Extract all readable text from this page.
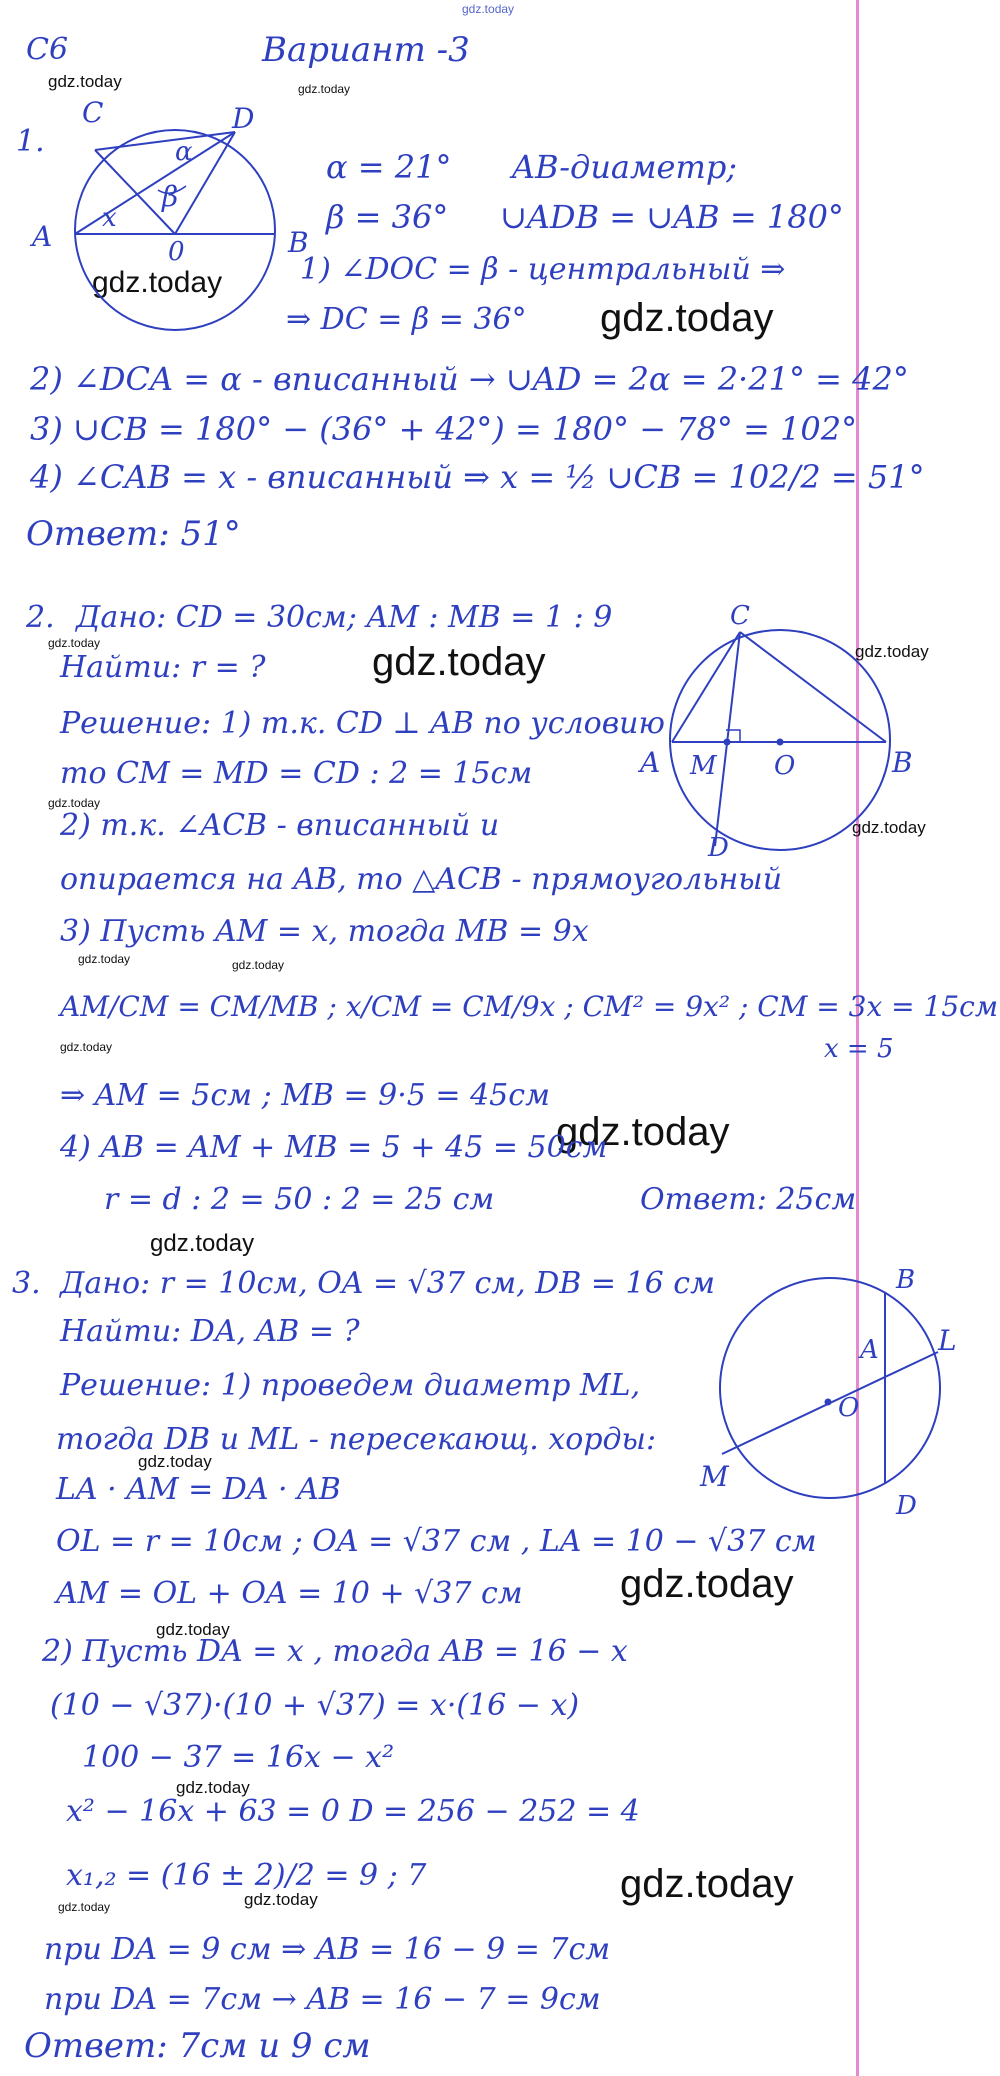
gdz.today
gdz.today	gdz.today
gdz.today
gdz.today
gdz.today	gdz.today	gdz.today
gdz.today
gdz.today
gdz.today	gdz.today
gdz.today
gdz.today
gdz.today
gdz.today
gdz.today
gdz.today
gdz.today
gdz.today
gdz.today	gdz.today
С6	Вариант -3
1.
C	D
A	B
0
α
β
x
α = 21° AB-диаметр;
β = 36° ∪ADB = ∪AB = 180°
1) ∠DOC = β - центральный ⇒
⇒ DC = β = 36°
2) ∠DCA = α - вписанный → ∪AD = 2α = 2·21° = 42°
3) ∪CB = 180° − (36° + 42°) = 180° − 78° = 102°
4) ∠CAB = x - вписанный ⇒ x = ½ ∪CB = 102/2 = 51°
Ответ: 51°
2. Дано: CD = 30см; AM : MB = 1 : 9
Найти: r = ?
Решение: 1) т.к. CD ⊥ AB по условию
то CM = MD = CD : 2 = 15см
2) т.к. ∠ACB - вписанный и
опирается на AB, то △ACB - прямоугольный
3) Пусть AM = x, тогда MB = 9x
AM/CM = CM/MB ; x/CM = CM/9x ; CM² = 9x² ; CM = 3x = 15см
x = 5
⇒ AM = 5см ; MB = 9·5 = 45см
4) AB = AM + MB = 5 + 45 = 50см
r = d : 2 = 50 : 2 = 25 см	Ответ: 25см
C
A	B
M O
D
3. Дано: r = 10см, OA = √37 см, DB = 16 см
Найти: DA, AB = ?
Решение: 1) проведем диаметр ML,
тогда DB и ML - пересекающ. хорды:
LA · AM = DA · AB
OL = r = 10см ; OA = √37 см , LA = 10 − √37 см
AM = OL + OA = 10 + √37 см
2) Пусть DA = x , тогда AB = 16 − x
(10 − √37)·(10 + √37) = x·(16 − x)
100 − 37 = 16x − x²
x² − 16x + 63 = 0 D = 256 − 252 = 4
x₁,₂ = (16 ± 2)/2 = 9 ; 7
при DA = 9 см ⇒ AB = 16 − 9 = 7см
при DA = 7см → AB = 16 − 7 = 9см
Ответ: 7см и 9 см
B
A L
O
M
D
